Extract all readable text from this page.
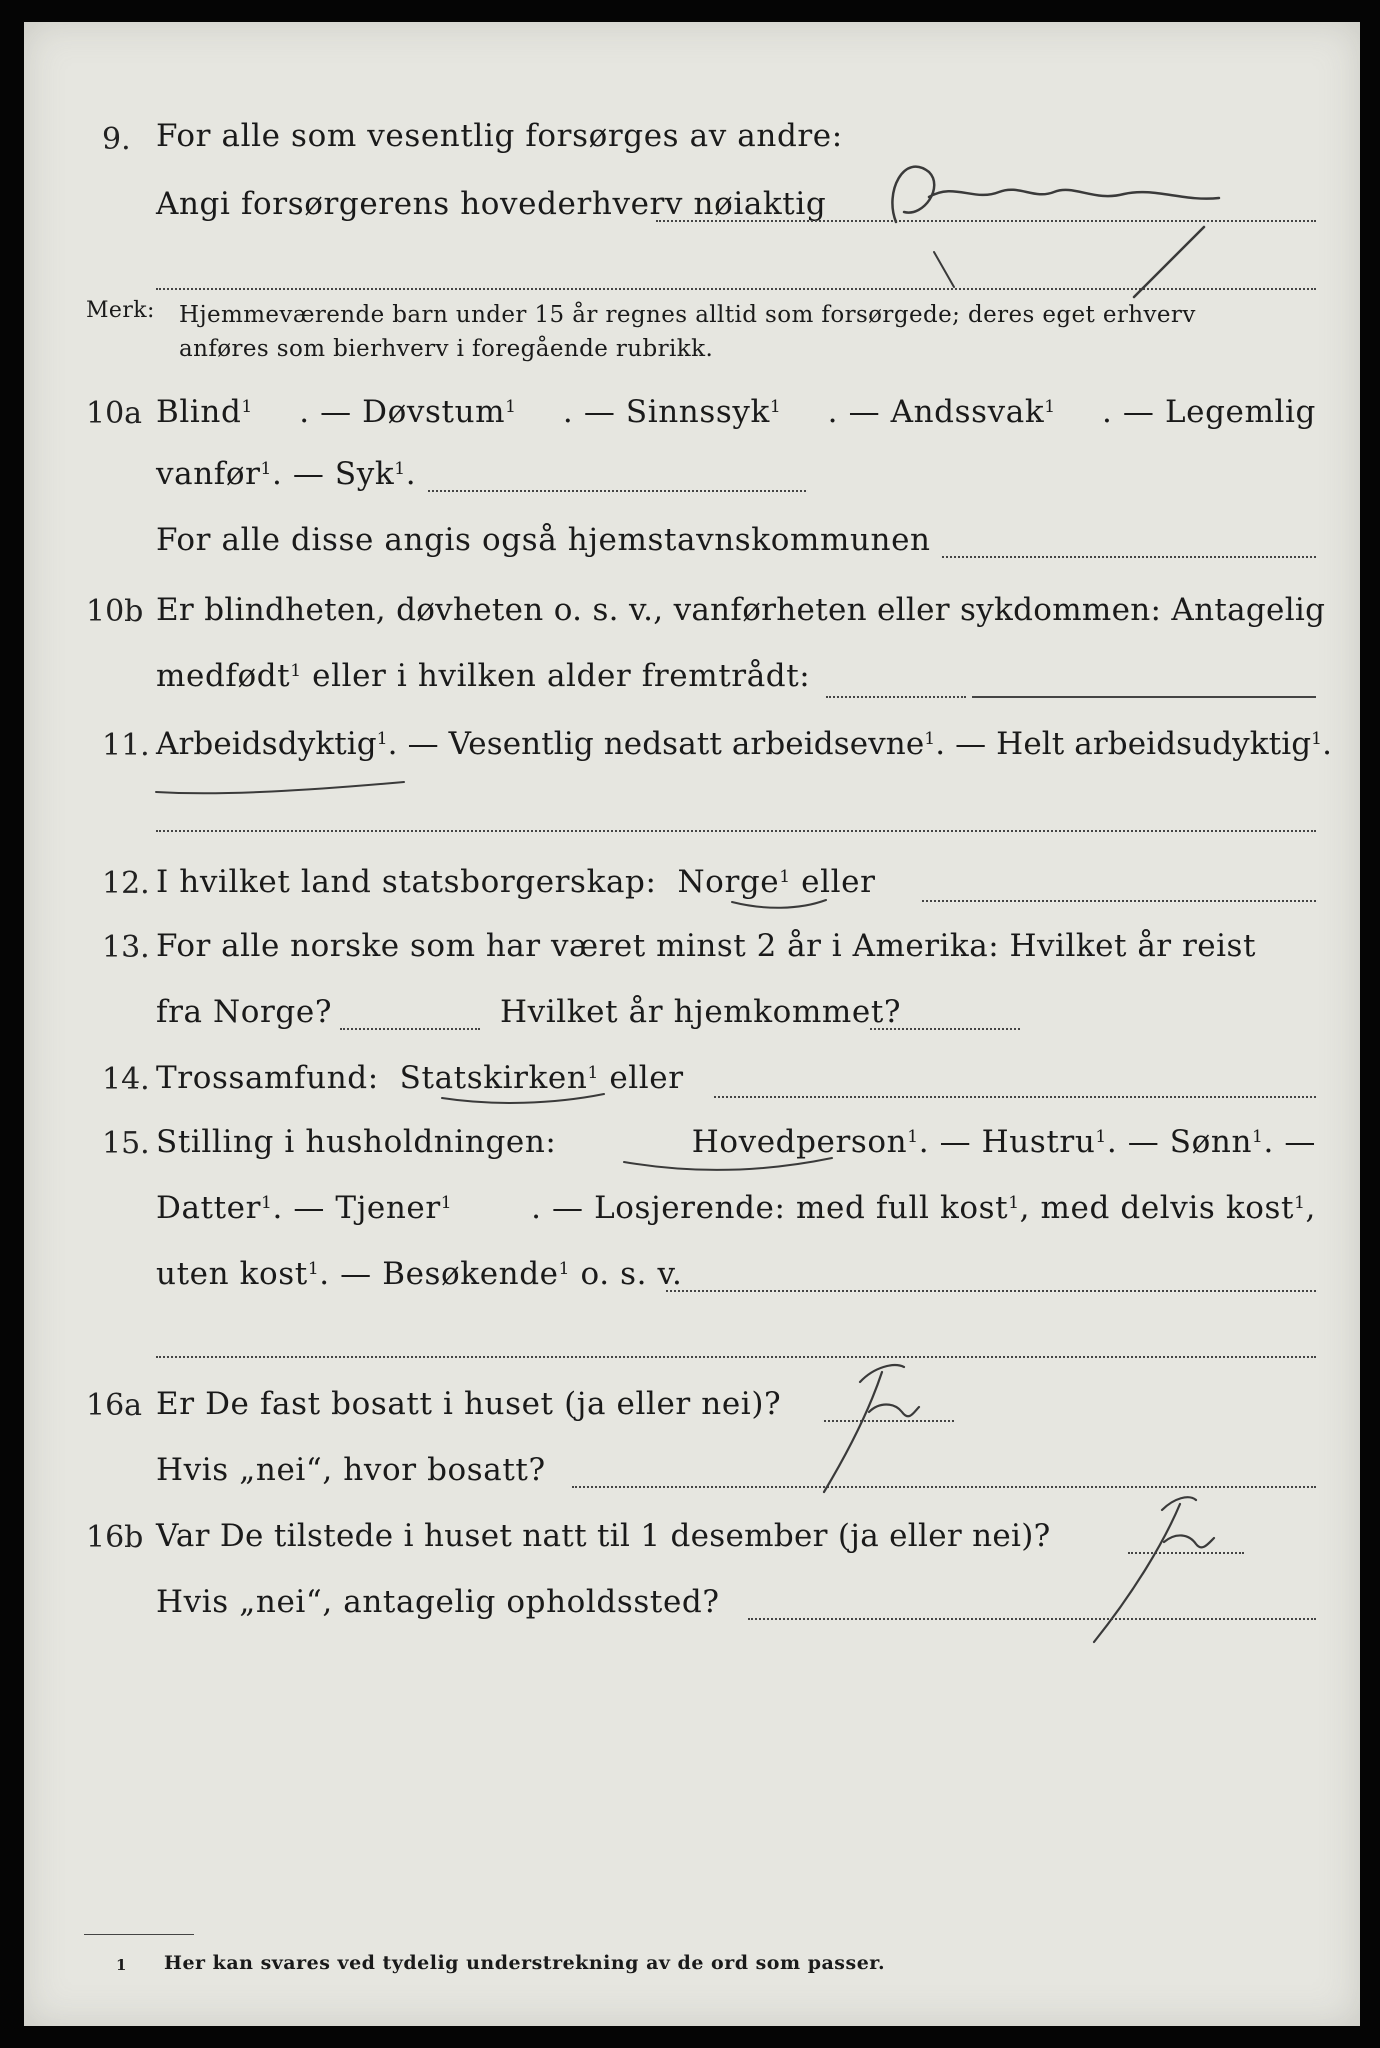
9. For alle som vesentlig forsørges av andre:
Angi forsørgerens hovederhverv nøiaktig
Merk: Hjemmeværende barn under 15 år regnes alltid som forsørgede; deres eget erhverv
anføres som bierhverv i foregående rubrikk.
10a Blind$^1$ . — Døvstum$^1$ . — Sinnssyk$^1$ . — Andssvak$^1$ . — Legemlig
vanfør$^1$. — Syk$^1$.
For alle disse angis også hjemstavnskommunen
10b Er blindheten, døvheten o. s. v., vanførheten eller sykdommen: Antagelig
medfødt$^1$ eller i hvilken alder fremtrådt:
11. Arbeidsdyktig$^1$. — Vesentlig nedsatt arbeidsevne$^1$. — Helt arbeidsudyktig$^1$.
12. I hvilket land statsborgerskap: Norge$^1$ eller
13. For alle norske som har været minst 2 år i Amerika: Hvilket år reist
fra Norge?	Hvilket år hjemkommet?
14. Trossamfund: Statskirken$^1$ eller
15. Stilling i husholdningen:	Hovedperson$^1$. — Hustru$^1$. — Sønn$^1$. —
Datter$^1$. — Tjener$^1$	. — Losjerende: med full kost$^1$, med delvis kost$^1$,
uten kost$^1$. — Besøkende$^1$ o. s. v.
16a Er De fast bosatt i huset (ja eller nei)?
Hvis „nei“, hvor bosatt?
16b Var De tilstede i huset natt til 1 desember (ja eller nei)?
Hvis „nei“, antagelig opholdssted?
1 Her kan svares ved tydelig understrekning av de ord som passer.
